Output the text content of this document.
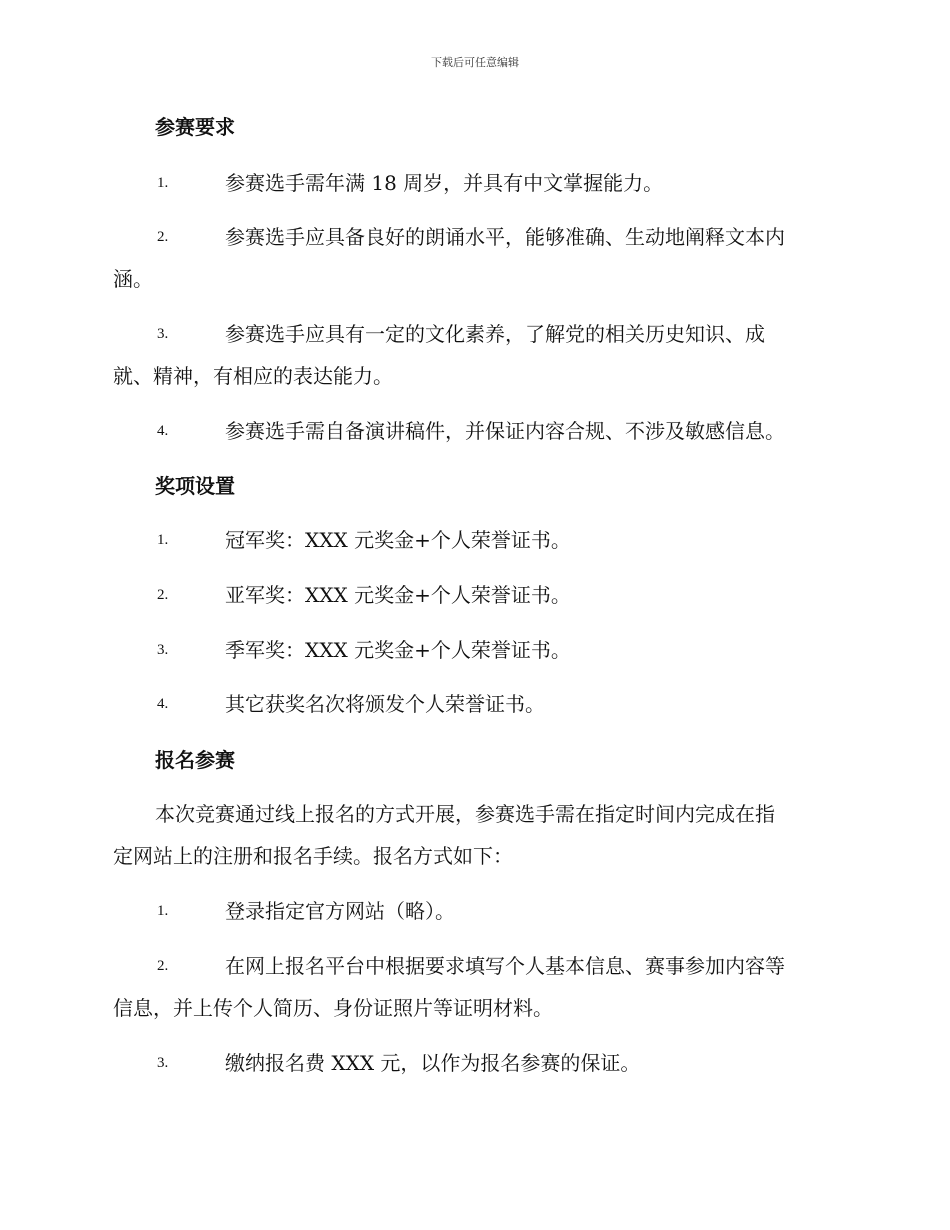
下载后可任意编辑
参赛要求
1.	参赛选手需年满 18 周岁，并具有中文掌握能力。
2.	参赛选手应具备良好的朗诵水平，能够准确、生动地阐释文本内
涵。
3.	参赛选手应具有一定的文化素养，了解党的相关历史知识、成
就、精神，有相应的表达能力。
4.	参赛选手需自备演讲稿件，并保证内容合规、不涉及敏感信息。
奖项设置
1.	冠军奖：XXX 元奖金+个人荣誉证书。
2.	亚军奖：XXX 元奖金+个人荣誉证书。
3.	季军奖：XXX 元奖金+个人荣誉证书。
4.	其它获奖名次将颁发个人荣誉证书。
报名参赛
本次竞赛通过线上报名的方式开展，参赛选手需在指定时间内完成在指
定网站上的注册和报名手续。报名方式如下：
1.	登录指定官方网站（略）。
2.	在网上报名平台中根据要求填写个人基本信息、赛事参加内容等
信息，并上传个人简历、身份证照片等证明材料。
3.	缴纳报名费 XXX 元，以作为报名参赛的保证。
